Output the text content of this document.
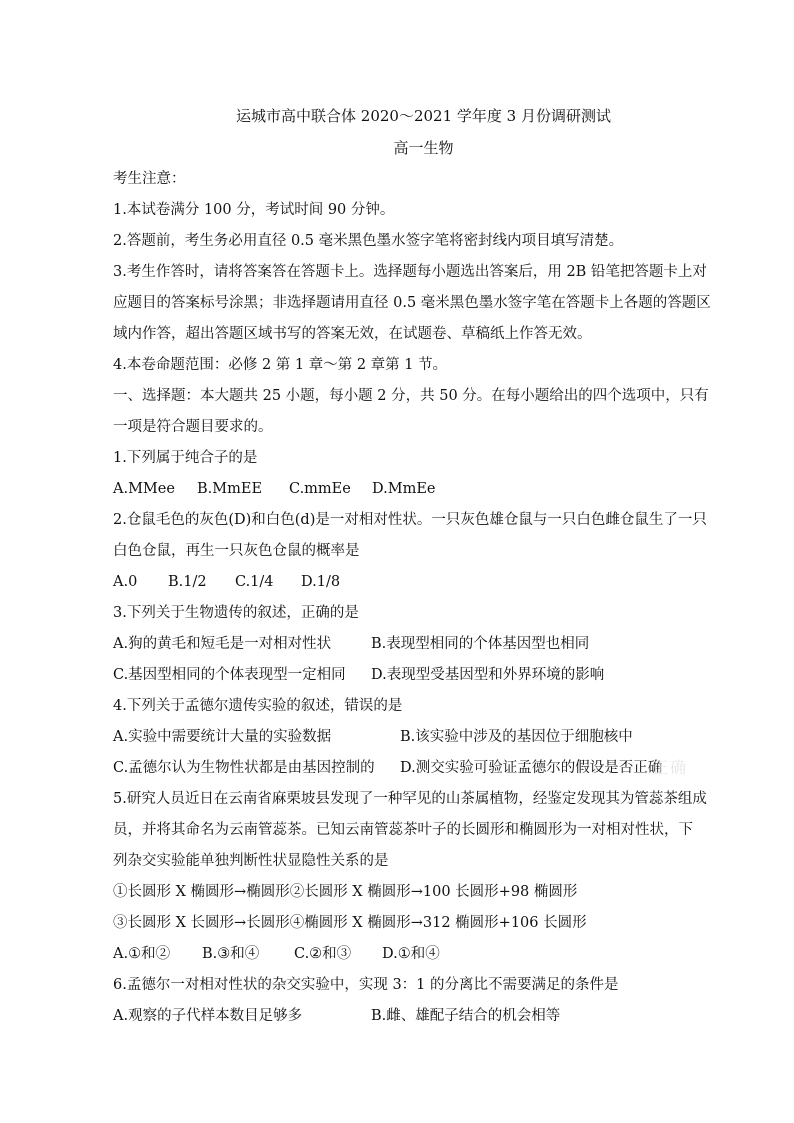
运城市高中联合体 2020～2021 学年度 3 月份调研测试

高一生物

考生注意：

1.本试卷满分 100 分，考试时间 90 分钟。

2.答题前，考生务必用直径 0.5 毫米黑色墨水签字笔将密封线内项目填写清楚。

3.考生作答时，请将答案答在答题卡上。选择题每小题选出答案后，用 2B 铅笔把答题卡上对

应题目的答案标号涂黑；非选择题请用直径 0.5 毫米黑色墨水签字笔在答题卡上各题的答题区

域内作答，超出答题区域书写的答案无效，在试题卷、草稿纸上作答无效。

4.本卷命题范围：必修 2 第 1 章～第 2 章第 1 节。

一、选择题：本大题共 25 小题，每小题 2 分，共 50 分。在每小题给出的四个选项中，只有

一项是符合题目要求的。

1.下列属于纯合子的是

A.MMee	B.MmEE	C.mmEe	D.MmEe

2.仓鼠毛色的灰色(D)和白色(d)是一对相对性状。一只灰色雄仓鼠与一只白色雌仓鼠生了一只

白色仓鼠，再生一只灰色仓鼠的概率是

A.0	B.1/2	C.1/4	D.1/8

3.下列关于生物遗传的叙述，正确的是

A.狗的黄毛和短毛是一对相对性状	B.表现型相同的个体基因型也相同
C.基因型相同的个体表现型一定相同	D.表现型受基因型和外界环境的影响

4.下列关于孟德尔遗传实验的叙述，错误的是

A.实验中需要统计大量的实验数据	B.该实验中涉及的基因位于细胞核中
C.孟德尔认为生物性状都是由基因控制的	D.测交实验可验证孟德尔的假设是否正确

5.研究人员近日在云南省麻栗坡县发现了一种罕见的山茶属植物，经鉴定发现其为管蕊茶组成

员，并将其命名为云南管蕊茶。已知云南管蕊茶叶子的长圆形和椭圆形为一对相对性状，下

列杂交实验能单独判断性状显隐性关系的是

①长圆形 X 椭圆形→椭圆形②长圆形 X 椭圆形→100 长圆形+98 椭圆形

③长圆形 X 长圆形→长圆形④椭圆形 X 椭圆形→312 椭圆形+106 长圆形

A.①和②	B.③和④	C.②和③	D.①和④

6.孟德尔一对相对性状的杂交实验中，实现 3：1 的分离比不需要满足的条件是

A.观察的子代样本数目足够多	B.雌、雄配子结合的机会相等
正确
